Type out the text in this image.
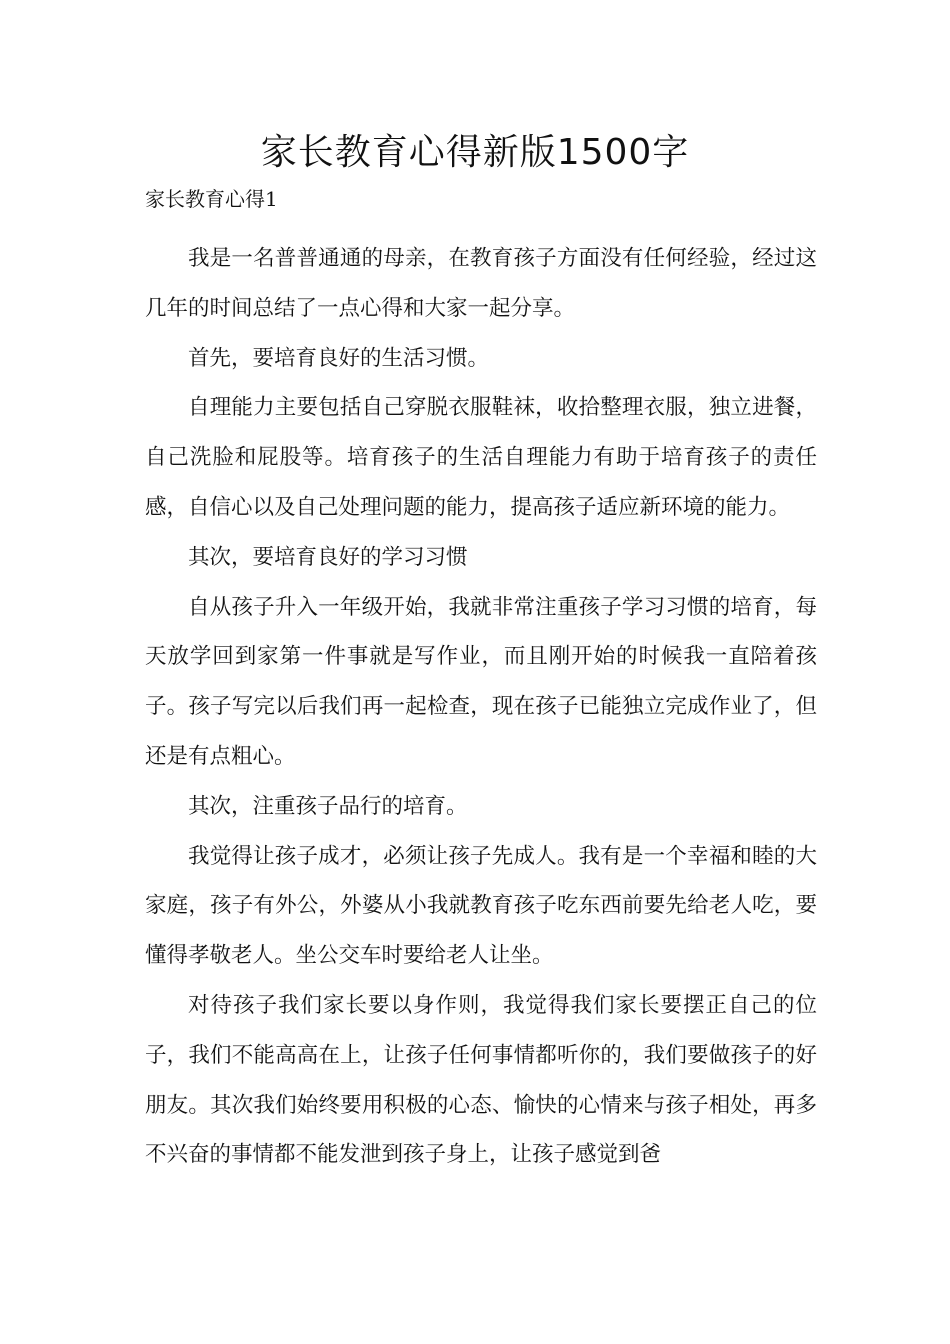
家长教育心得新版1500字
家长教育心得1

我是一名普普通通的母亲，在教育孩子方面没有任何经验，经过这几年的时间总结了一点心得和大家一起分享。

首先，要培育良好的生活习惯。

自理能力主要包括自己穿脱衣服鞋袜，收拾整理衣服，独立进餐，自己洗脸和屁股等。培育孩子的生活自理能力有助于培育孩子的责任感，自信心以及自己处理问题的能力，提高孩子适应新环境的能力。

其次，要培育良好的学习习惯

自从孩子升入一年级开始，我就非常注重孩子学习习惯的培育，每天放学回到家第一件事就是写作业，而且刚开始的时候我一直陪着孩子。孩子写完以后我们再一起检查，现在孩子已能独立完成作业了，但还是有点粗心。

其次，注重孩子品行的培育。

我觉得让孩子成才，必须让孩子先成人。我有是一个幸福和睦的大家庭，孩子有外公，外婆从小我就教育孩子吃东西前要先给老人吃，要懂得孝敬老人。坐公交车时要给老人让坐。

对待孩子我们家长要以身作则，我觉得我们家长要摆正自己的位子，我们不能高高在上，让孩子任何事情都听你的，我们要做孩子的好朋友。其次我们始终要用积极的心态、愉快的心情来与孩子相处，再多不兴奋的事情都不能发泄到孩子身上，让孩子感觉到爸
